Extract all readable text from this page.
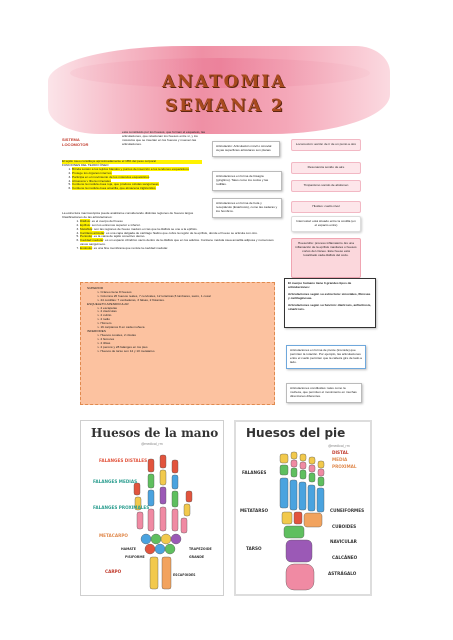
ANATOMIA
SEMANA 2
SISTEMA LOCOMOTOR
está constituido por los huesos, que forman el esqueleto, las articulaciones, que relacionan los huesos entre sí, y los músculos que se insertan en los huesos y mueven las articulaciones.
El tejido óseo constituye aproximadamente el 18% del peso corporal
FUNCIONES DEL TEJIDO ÓSEO
1. Brinda sostén a los tejidos blandos y puntos de inserción a los tendones esqueléticos
2. Protege los órganos internos
3. Participa en el movimiento de los músculos esqueléticos
4. Almacena y libera minerales
5. Contiene la médula ósea roja, que produce células sanguíneas
6. Contiene la médula ósea amarilla, que almacena triglicéridos
La estructura macroscópica puede analizarse considerando distintas regiones de huesos largos
Clasificaciones de las articulaciones:
1. Diáfisis: es el cuerpo del hueso
2. Epífisis: son los extremos superior e inferior.
3. Metáfisis: son las regiones de hueso maduro en las que la diáfisis se une a la epífisis.
4. Cartílago articular: es una capa delgada de cartílago hialino que cubre la región de la epífisis, donde el hueso se articula con otro.
5. Periostio: es la vaina de tejido conectivo denso.
6. Cavidad medular: es un espacio cilíndrico vacío dentro de la diáfisis que en los adultos. Contiene médula ósea amarilla adiposa y numerosos vasos sanguíneos.
7. Endostio: es una fina membrana que reviste la cavidad medular.
Articulación: Articulación móvil o sinovial cuyas superficies articulares son planas
Articulaciones en forma de bisagra (gínglimo). Tales como los codos y las rodillas.
Articulaciones en forma de bola y receptáculo (Enartrosis), como las caderas y los hombros.
Locomoción: acción de ir de un punto a otro
Resonancia sonido de aire
Timpanismo sonido de abdomen
Hioides: cuello nivel
Intercostal: está situado entre la costilla (en el espacio entre)
Hueso/drio: proceso inflamatorio. Es una inflamación de la epífisis maxilares o huesos cortos del cráneo. Este hueso está localizado cada diáfisis del codo.
SUPERIOR
➢ Cráneo tiene 8 huesos
➢ Columna 26 huesos reales, 7 cervicales, 12 torácicas,5 lumbares, sacro, 1 coxal
➢ 24 costillas: 7 verdaderas, 3 falsas, 2 flotantes.
ESQUELETO APENDICULAR
➢ 2 escápulas
➢ 2 clavículas
➢ 2 cubito
➢ 2 radio
➢ Húmero
➢ 16 carpianos 8 en cada muñeca
INFERIORES
➢ Huesos coxales, 2 rótulas
➢ 2 fémures
➢ 2 tibias
➢ 2 peroné y 28 falanges en los pies
➢ Huesos de tarso son 14 y 10 metatarso
El cuerpo humano tiene 3 grandes tipos de articulaciones:
Articulaciones según su estructura: sinoviales, fibrosas y cartilaginosas.
Articulaciones según su función: diartrosis, anfiartrosis, sinartrosis.
Articulaciones en forma de pivote (trocoide) que permiten la rotación. Por ejemplo, las articulaciones entre el cuello permiten que la cabeza gire de lado a lado.
Articulaciones condiloides: tales como la muñeca, que permiten el movimiento en muchas direcciones diferentes.
Huesos de la mano
@medical_rm
FALANGES DISTALES
FALANGES MEDIAS
FALANGES PROXIMALES
METACARPO
CARPO
HAMATE
PISIFORME
TRAPEZOIDE
GRANDE
ESCAFOIDES
Huesos del pie
@medical_rm
FALANGES
METATARSO
TARSO
DISTAL
MEDIA
PROXIMAL
CUNEIFORMES
CUBOIDES
NAVICULAR
CALCÁNEO
ASTRÁGALO
